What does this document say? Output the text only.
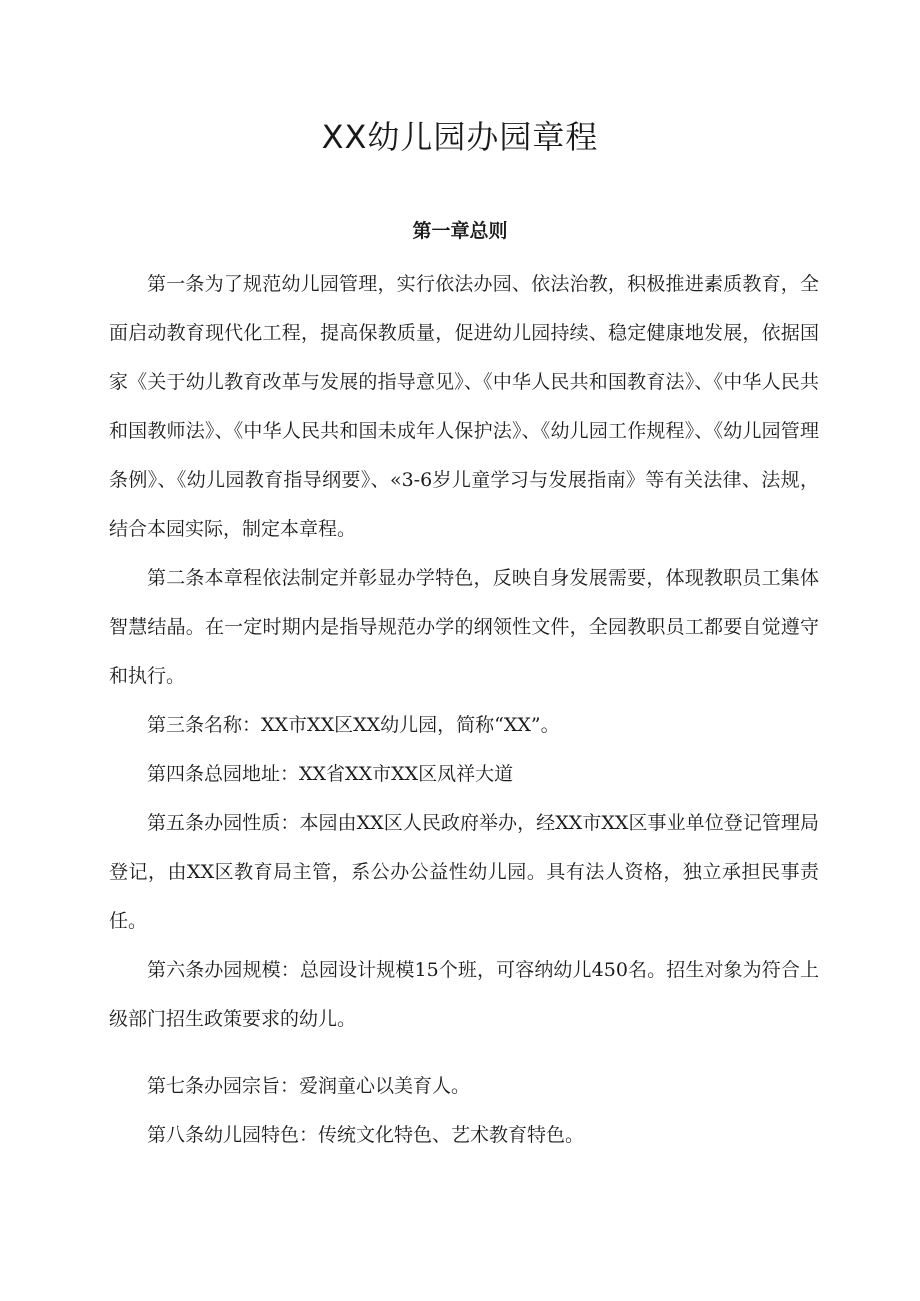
XX幼儿园办园章程
第一章总则

第一条为了规范幼儿园管理，实行依法办园、依法治教，积极推进素质教育，全面启动教育现代化工程，提高保教质量，促进幼儿园持续、稳定健康地发展，依据国家《关于幼儿教育改革与发展的指导意见》、《中华人民共和国教育法》、《中华人民共和国教师法》、《中华人民共和国未成年人保护法》、《幼儿园工作规程》、《幼儿园管理条例》、《幼儿园教育指导纲要》、«3-6岁儿童学习与发展指南》等有关法律、法规，结合本园实际，制定本章程。

第二条本章程依法制定并彰显办学特色，反映自身发展需要，体现教职员工集体智慧结晶。在一定时期内是指导规范办学的纲领性文件，全园教职员工都要自觉遵守和执行。

第三条名称：XX市XX区XX幼儿园，简称“XX”。

第四条总园地址：XX省XX市XX区凤祥大道

第五条办园性质：本园由XX区人民政府举办，经XX市XX区事业单位登记管理局登记，由XX区教育局主管，系公办公益性幼儿园。具有法人资格，独立承担民事责任。

第六条办园规模：总园设计规模15个班，可容纳幼儿450名。招生对象为符合上级部门招生政策要求的幼儿。

第七条办园宗旨：爱润童心以美育人。

第八条幼儿园特色：传统文化特色、艺术教育特色。
